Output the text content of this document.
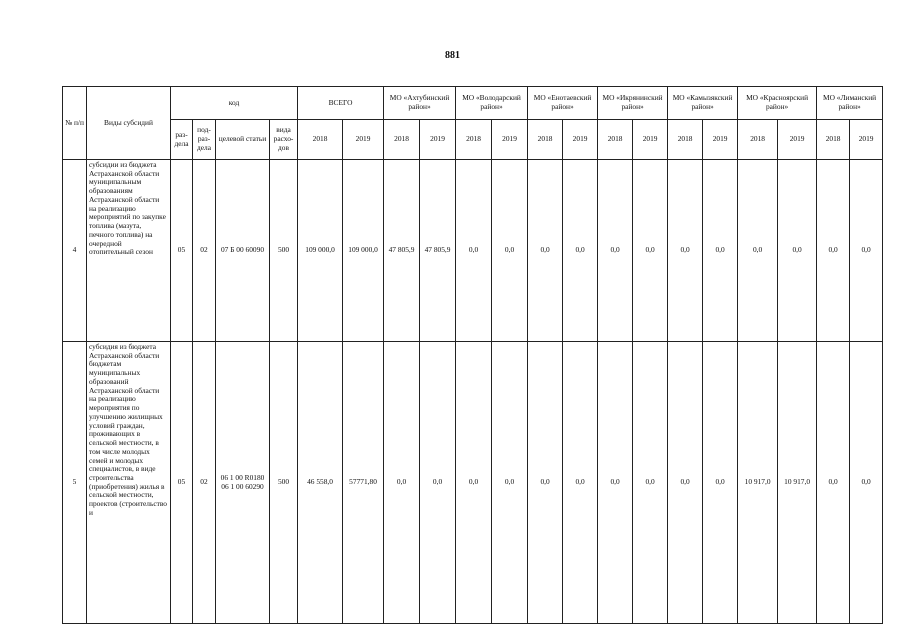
881
№ п/п	Виды субсидий	код				ВСЕГО		МО «Ахтубинский район»		МО «Володарский район»		МО «Енотаевский район»		МО «Икрянинский район»		МО «Камызякский район»		МО «Красноярский район»		МО «Лиманский район»	
		раз-дела	под-раз-дела	целевой статьи	вида расхо-дов	2018	2019	2018	2019	2018	2019	2018	2019	2018	2019	2018	2019	2018	2019	2018	2019
4	субсидии из бюджета Астраханской области муниципальным образованиям Астраханской области на реализацию мероприятий по закупке топлива (мазута, печного топлива) на очередной отопительный сезон	05	02	07 Б 00 60090	500	109 000,0	109 000,0	47 805,9	47 805,9	0,0	0,0	0,0	0,0	0,0	0,0	0,0	0,0	0,0	0,0	0,0	0,0
5	субсидия из бюджета Астраханской области бюджетам муниципальных образований Астраханской области на реализацию мероприятия по улучшению жилищных условий граждан, проживающих в сельской местности, в том числе молодых семей и молодых специалистов, в виде строительства (приобретения) жилья в сельской местности, проектов (строительство и	05	02	06 1 00 R0180
06 1 00 60290	500	46 558,0	57771,80	0,0	0,0	0,0	0,0	0,0	0,0	0,0	0,0	0,0	0,0	10 917,0	10 917,0	0,0	0,0
